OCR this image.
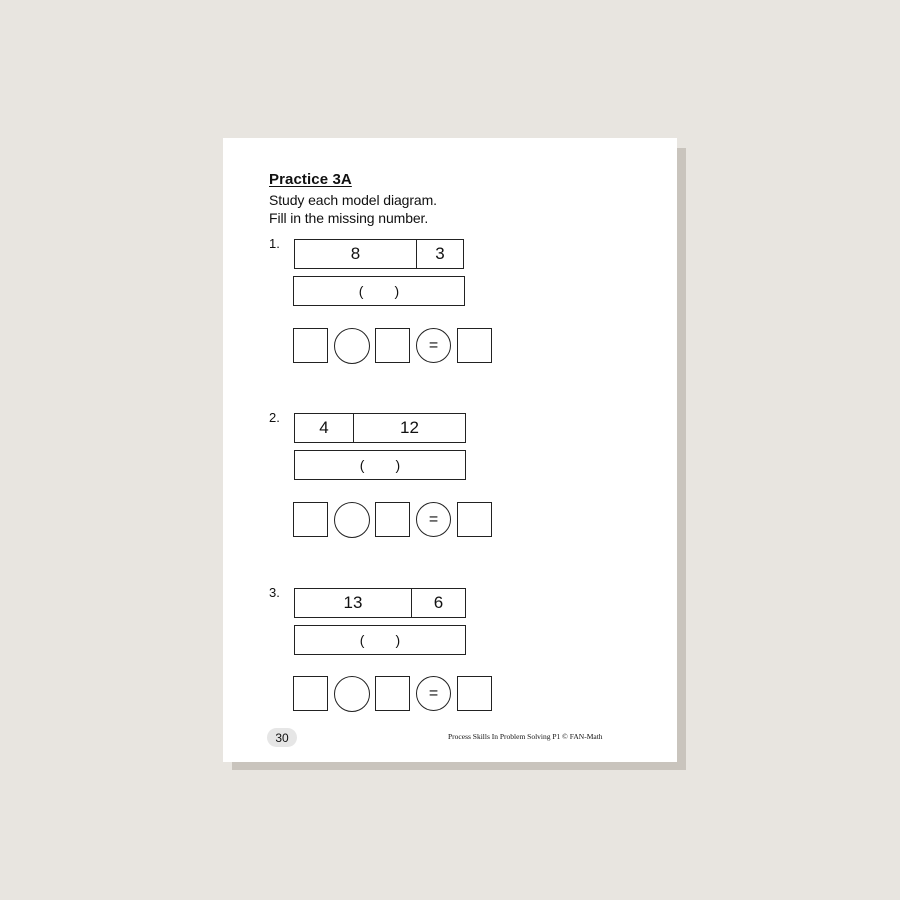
Practice 3A
Study each model diagram.
Fill in the missing number.
1.
8	3
(        )
=
2.
4	12
(        )
=
3.
13	6
(        )
=
30	Process Skills In Problem Solving P1 © FAN-Math
